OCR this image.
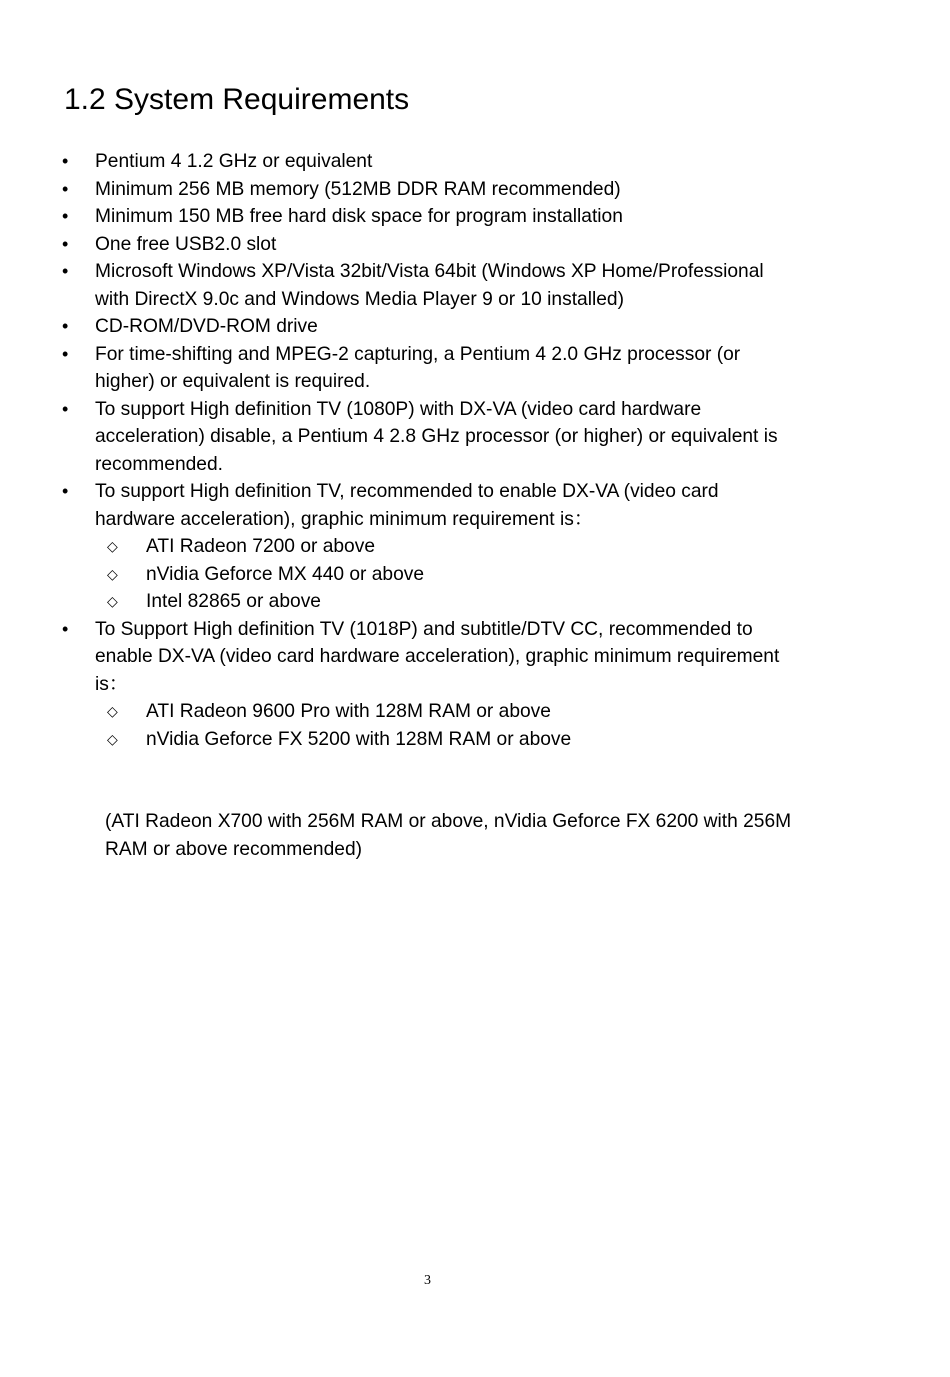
1.2 System Requirements
•	Pentium 4 1.2 GHz or equivalent
•	Minimum 256 MB memory (512MB DDR RAM recommended)
•	Minimum 150 MB free hard disk space for program installation
•	One free USB2.0 slot
•	Microsoft Windows XP/Vista 32bit/Vista 64bit (Windows XP Home/Professional with DirectX 9.0c and Windows Media Player 9 or 10 installed)
•	CD-ROM/DVD-ROM drive
•	For time-shifting and MPEG-2 capturing, a Pentium 4 2.0 GHz processor (or higher) or equivalent is required.
•	To support High definition TV (1080P) with DX-VA (video card hardware acceleration) disable, a Pentium 4 2.8 GHz processor (or higher) or equivalent is recommended.
•	To support High definition TV, recommended to enable DX-VA (video card hardware acceleration), graphic minimum requirement is：
◇ ATI Radeon 7200 or above
◇ nVidia Geforce MX 440 or above
◇ Intel 82865 or above
•	To Support High definition TV (1018P) and subtitle/DTV CC, recommended to enable DX-VA (video card hardware acceleration), graphic minimum requirement is：
◇ ATI Radeon 9600 Pro with 128M RAM or above
◇ nVidia Geforce FX 5200 with 128M RAM or above

(ATI Radeon X700 with 256M RAM or above, nVidia Geforce FX 6200 with 256M RAM or above recommended)

3
